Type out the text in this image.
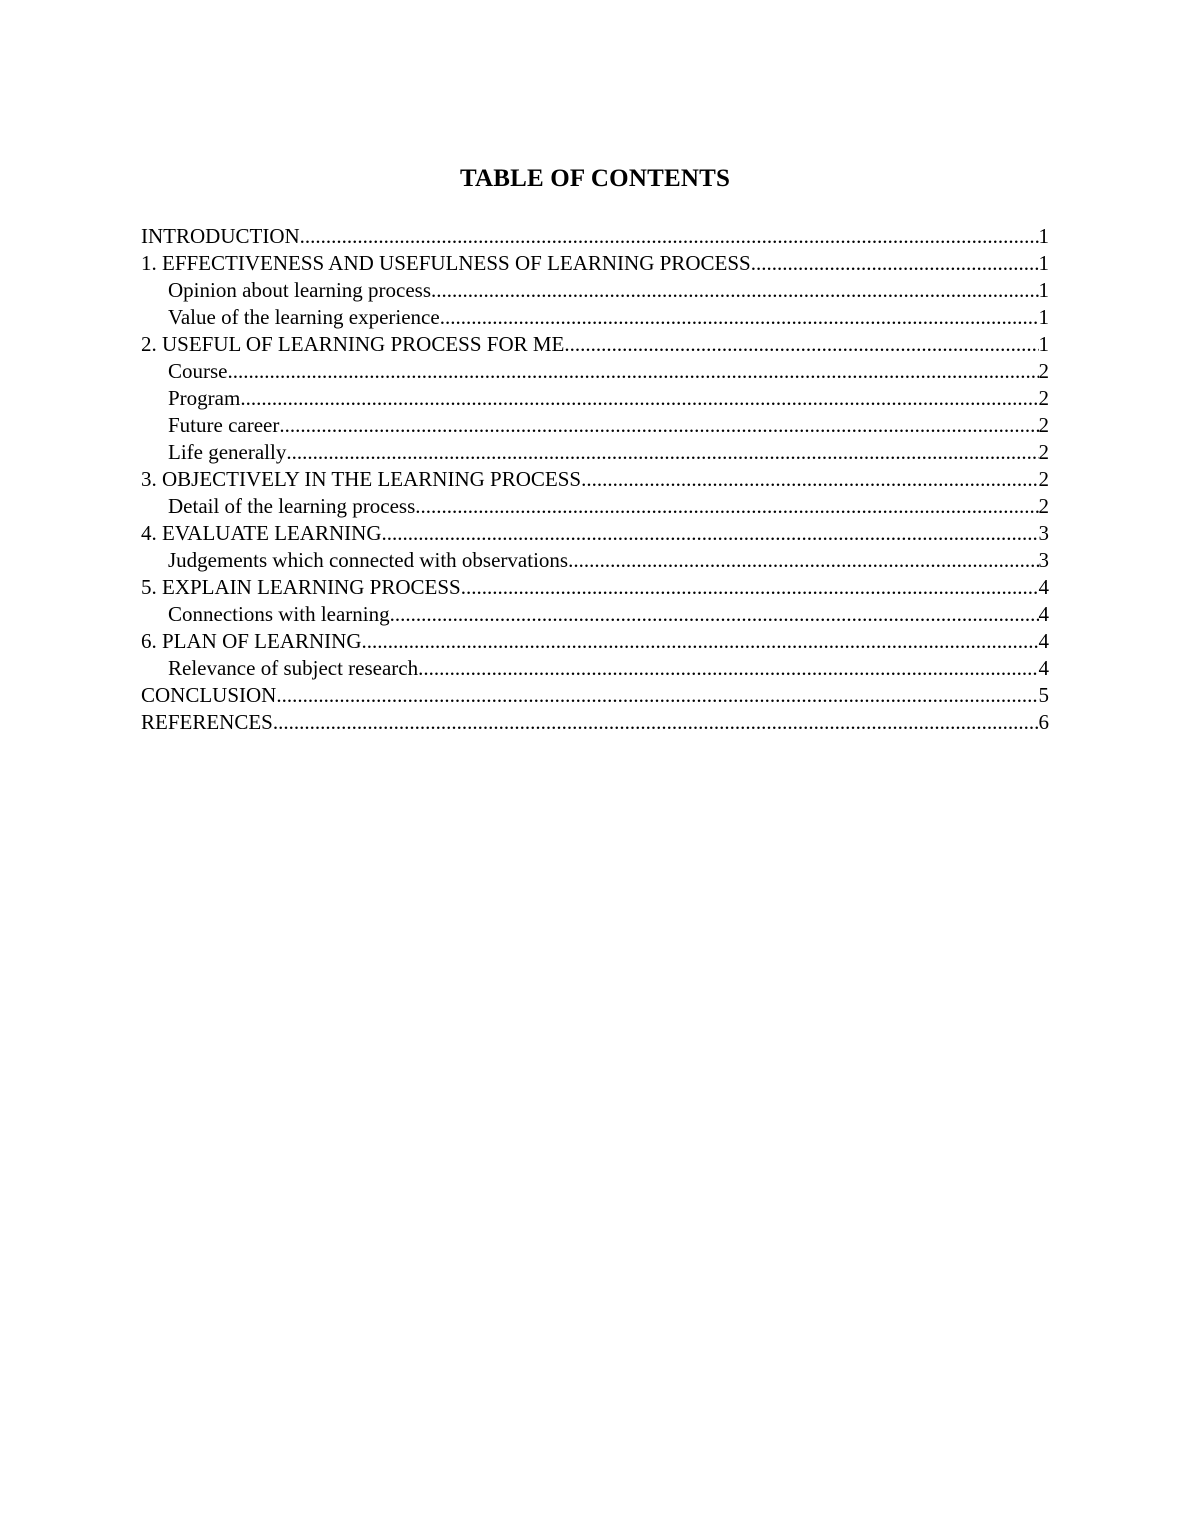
TABLE OF CONTENTS
INTRODUCTION .....	1
1. EFFECTIVENESS AND USEFULNESS OF LEARNING PROCESS .....	1
Opinion about learning process .....	1
Value of the learning experience .....	1
2. USEFUL OF LEARNING PROCESS FOR ME .....	1
Course .....	2
Program .....	2
Future career .....	2
Life generally .....	2
3. OBJECTIVELY IN THE LEARNING PROCESS .....	2
Detail of the learning process .....	2
4. EVALUATE LEARNING .....	3
Judgements which connected with observations .....	3
5. EXPLAIN LEARNING PROCESS .....	4
Connections with learning .....	4
6. PLAN OF LEARNING .....	4
Relevance of subject research .....	4
CONCLUSION .....	5
REFERENCES .....	6
